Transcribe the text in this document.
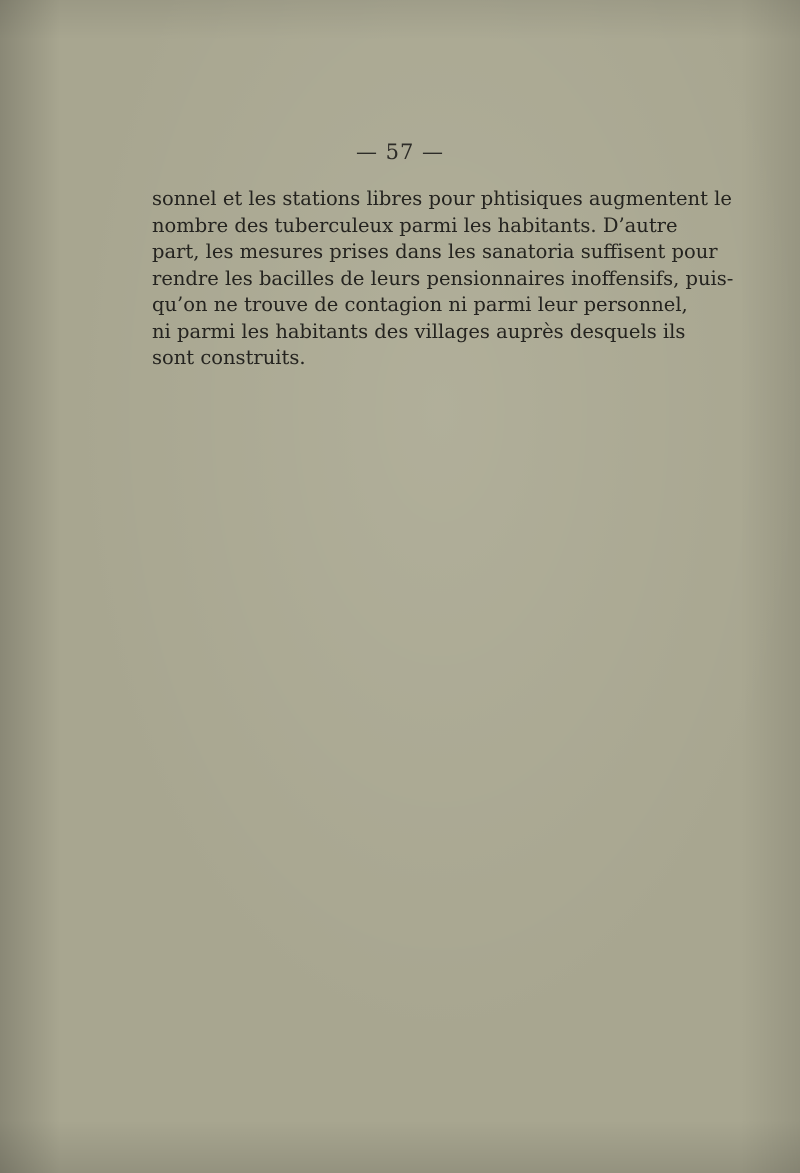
— 57 —
sonnel et les stations libres pour phtisiques augmentent le
nombre des tuberculeux parmi les habitants. D’autre
part, les mesures prises dans les sanatoria suffisent pour
rendre les bacilles de leurs pensionnaires inoffensifs, puis-
qu’on ne trouve de contagion ni parmi leur personnel,
ni parmi les habitants des villages auprès desquels ils
sont construits.
